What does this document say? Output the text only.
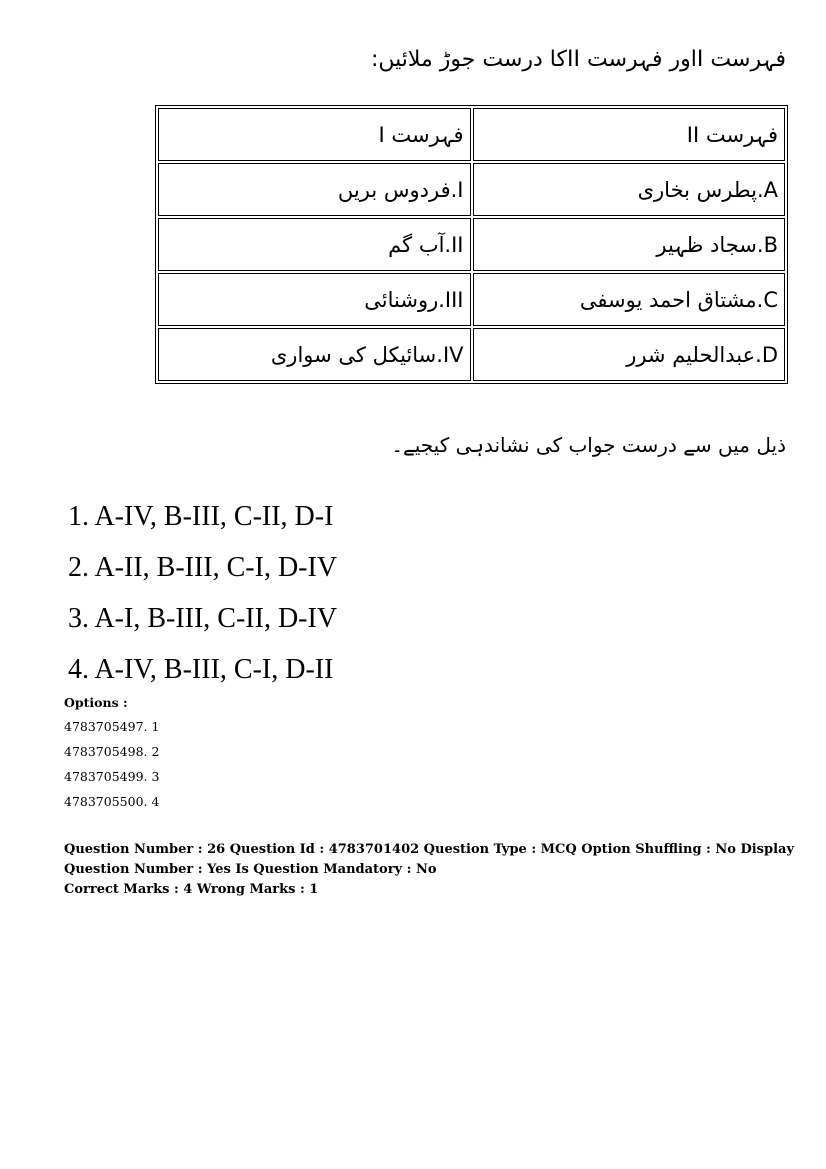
فہرست Iاور فہرست IIکا درست جوڑ ملائیں:
فہرست II	فہرست I
A.پطرس بخاری	I.فردوس بریں
B.سجاد ظہیر	II.آب گم
C.مشتاق احمد یوسفی	III.روشنائی
D.عبدالحلیم شرر	IV.سائیکل کی سواری
ذیل میں سے درست جواب کی نشاندہی کیجیے۔
1. A-IV, B-III, C-II, D-I
2. A-II, B-III, C-I, D-IV
3. A-I, B-III, C-II, D-IV
4. A-IV, B-III, C-I, D-II
Options :
4783705497. 1
4783705498. 2
4783705499. 3
4783705500. 4
Question Number : 26 Question Id : 4783701402 Question Type : MCQ Option Shuffling : No Display
Question Number : Yes Is Question Mandatory : No
Correct Marks : 4 Wrong Marks : 1
